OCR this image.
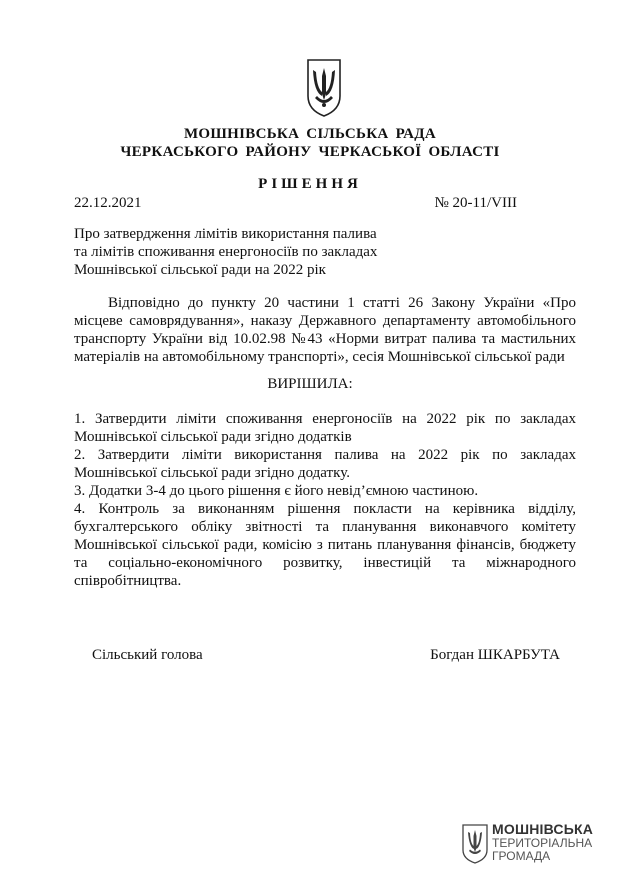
МОШНІВСЬКА СІЛЬСЬКА РАДА
ЧЕРКАСЬКОГО РАЙОНУ ЧЕРКАСЬКОЇ ОБЛАСТІ
РІШЕННЯ
22.12.2021	№ 20-11/VIII
Про затвердження лімітів використання палива
та лімітів споживання енергоносіїв по закладах
Мошнівської сільської ради на 2022 рік
Відповідно до пункту 20 частини 1 статті 26 Закону України «Про місцеве самоврядування», наказу Державного департаменту автомобільного транспорту України від 10.02.98 №43 «Норми витрат палива та мастильних матеріалів на автомобільному транспорті», сесія Мошнівської сільської ради
ВИРІШИЛА:

1. Затвердити ліміти споживання енергоносіїв на 2022 рік по закладах Мошнівської сільської ради згідно додатків

2. Затвердити ліміти використання палива на 2022 рік по закладах Мошнівської сільської ради згідно додатку.

3. Додатки 3-4 до цього рішення є його невід’ємною частиною.

4. Контроль за виконанням рішення покласти на керівника відділу, бухгалтерського обліку звітності та планування виконавчого комітету Мошнівської сільської ради, комісію з питань планування фінансів, бюджету та соціально-економічного розвитку, інвестицій та міжнародного співробітництва.

Сільський голова	Богдан ШКАРБУТА
МОШНІВСЬКА
ТЕРИТОРІАЛЬНА
ГРОМАДА
